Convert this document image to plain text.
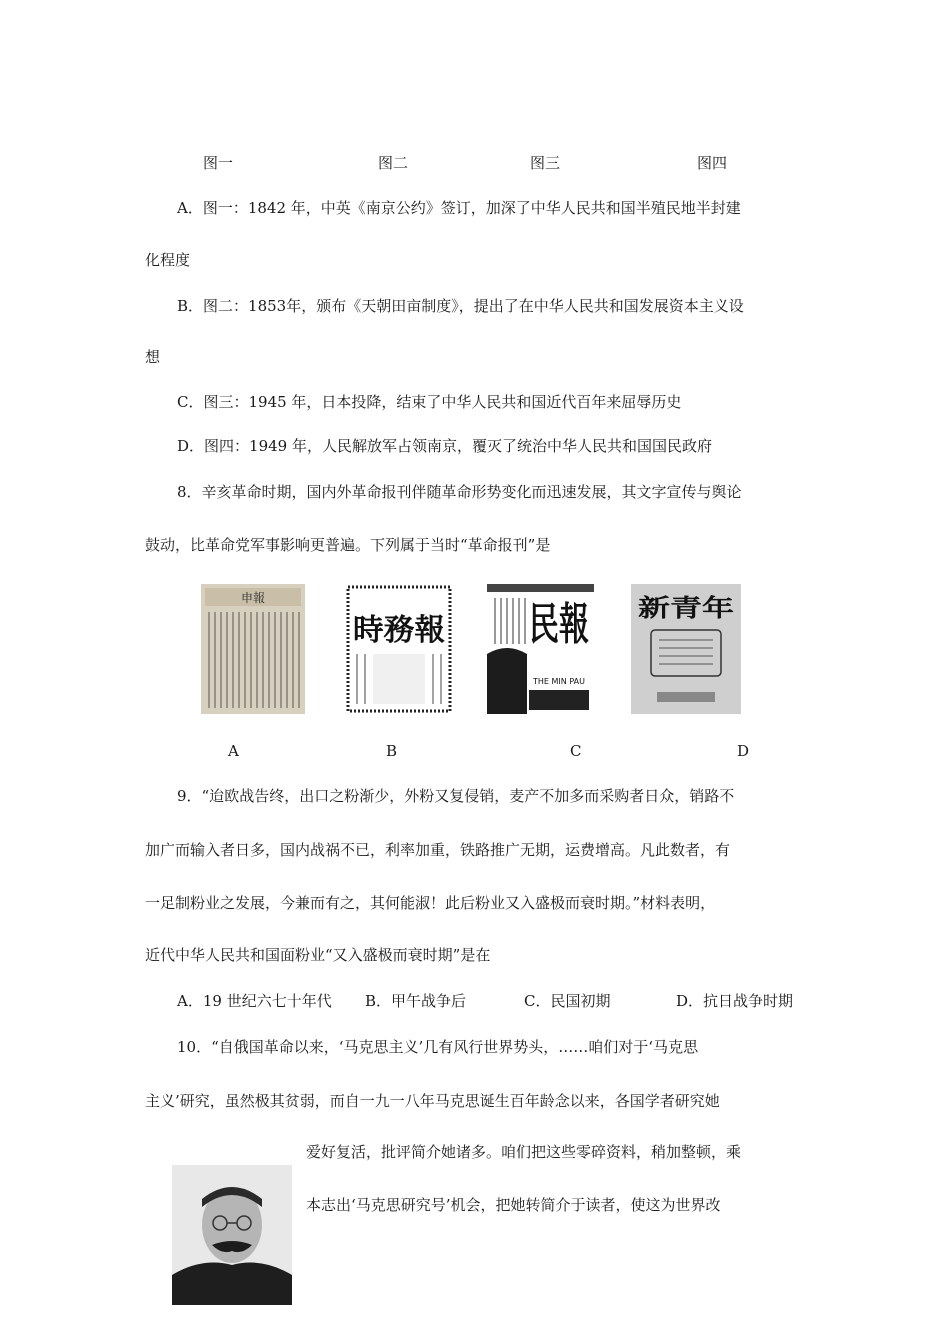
图一	图二	图三	图四
A．图一：1842 年，中英《南京公约》签订，加深了中华人民共和国半殖民地半封建
化程度
B．图二：1853年，颁布《天朝田亩制度》，提出了在中华人民共和国发展资本主义设
想
C．图三：1945 年，日本投降，结束了中华人民共和国近代百年来屈辱历史
D．图四：1949 年，人民解放军占领南京，覆灭了统治中华人民共和国国民政府
8．辛亥革命时期，国内外革命报刊伴随革命形势变化而迅速发展，其文字宣传与舆论
鼓动，比革命党军事影响更普遍。下列属于当时“革命报刊”是
申報
時務報 民報
THE MIN PAU
新青年
A	B	C	D
9．“迨欧战告终，出口之粉渐少，外粉又复侵销，麦产不加多而采购者日众，销路不
加广而输入者日多，国内战祸不已，利率加重，铁路推广无期，运费增高。凡此数者，有
一足制粉业之发展，今兼而有之，其何能淑！此后粉业又入盛极而衰时期。”材料表明，
近代中华人民共和国面粉业“又入盛极而衰时期”是在
A．19 世纪六七十年代 B．甲午战争后	C．民国初期	D．抗日战争时期
10．“自俄国革命以来，‘马克思主义’几有风行世界势头，……咱们对于‘马克思
主义’研究，虽然极其贫弱，而自一九一八年马克思诞生百年龄念以来，各国学者研究她
爱好复活，批评简介她诸多。咱们把这些零碎资料，稍加整顿，乘
本志出‘马克思研究号’机会，把她转简介于读者，使这为世界改
